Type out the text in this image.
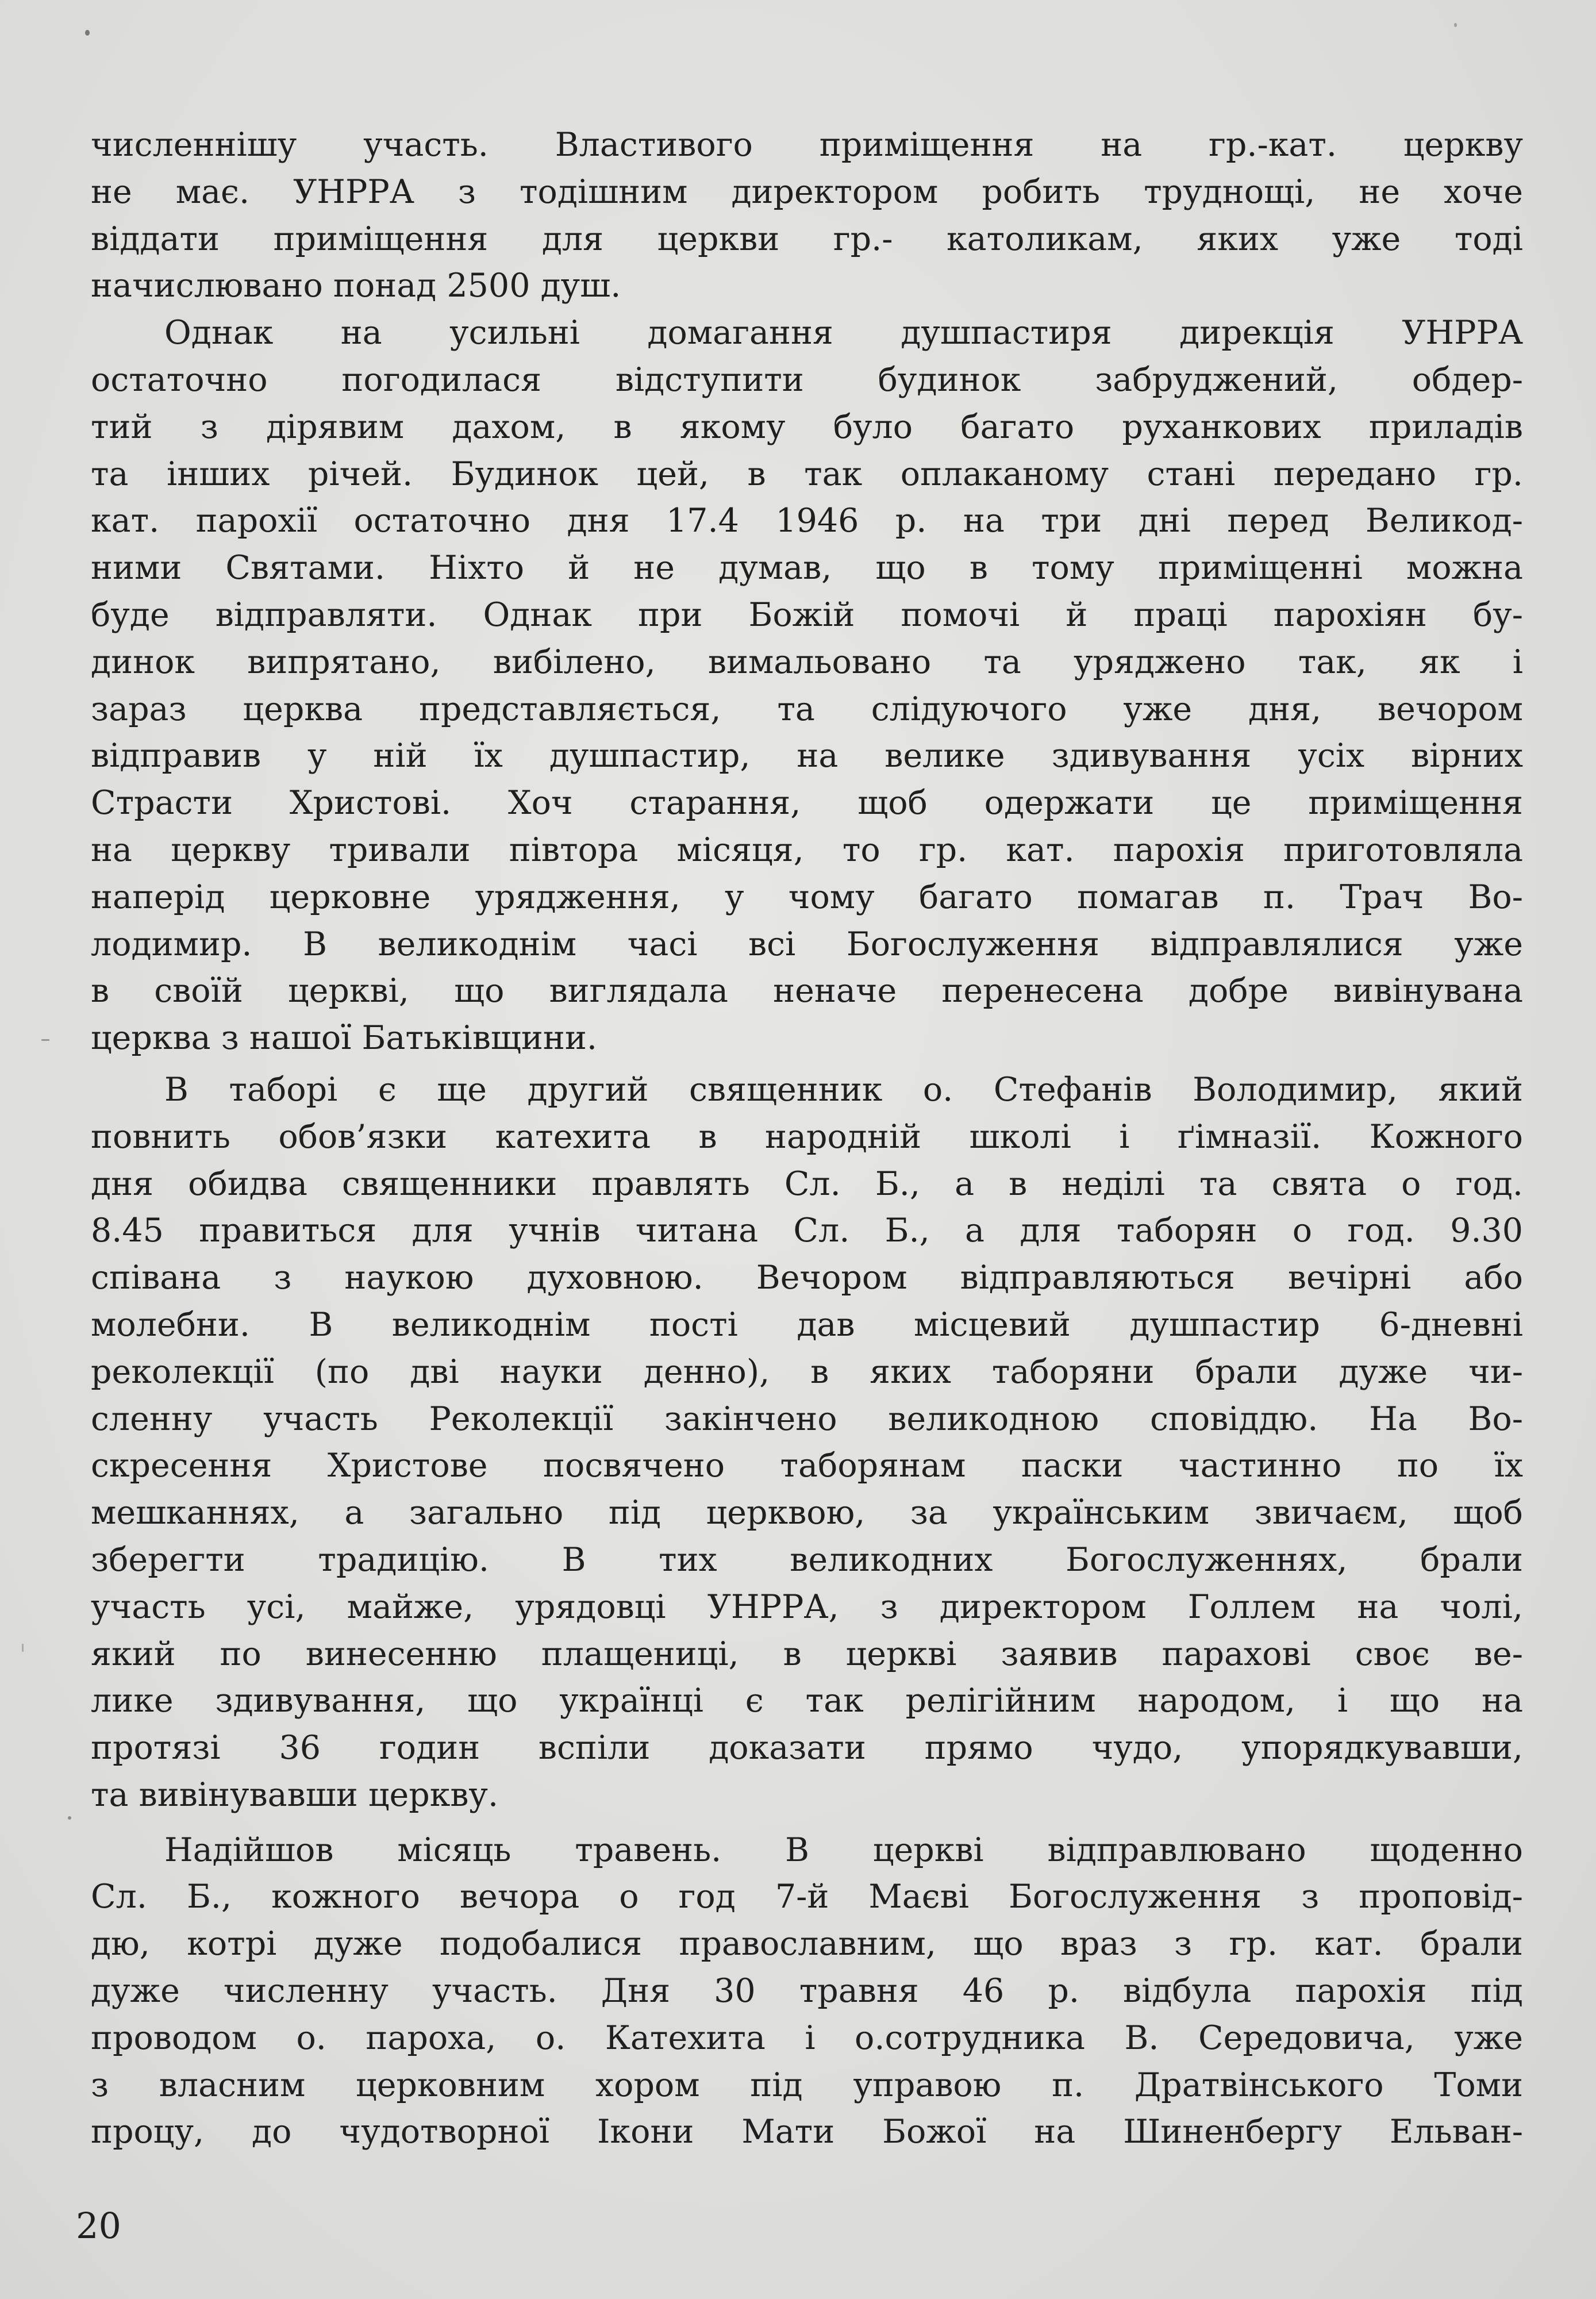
численнішу участь. Властивого приміщення на гр.-кат. церкву
не має. УНРРА з тодішним директором робить труднощі, не хоче
віддати приміщення для церкви гр.- католикам, яких уже тоді
начислювано понад 2500 душ.

Однак на усильні домагання душпастиря дирекція УНРРА
остаточно погодилася відступити будинок забруджений, обдер-
тий з дірявим дахом, в якому було багато руханкових приладів
та інших річей. Будинок цей, в так оплаканому стані передано гр.
кат. парохії остаточно дня 17.4 1946 р. на три дні перед Великод-
ними Святами. Ніхто й не думав, що в тому приміщенні можна
буде відправляти. Однак при Божій помочі й праці парохіян бу-
динок випрятано, вибілено, вимальовано та уряджено так, як і
зараз церква представляється, та слідуючого уже дня, вечором
відправив у ній їх душпастир, на велике здивування усіх вірних
Страсти Христові. Хоч старання, щоб одержати це приміщення
на церкву тривали півтора місяця, то гр. кат. парохія приготовляла
наперід церковне урядження, у чому багато помагав п. Трач Во-
лодимир. В великоднім часі всі Богослуження відправлялися уже
в своїй церкві, що виглядала неначе перенесена добре вивінувана
церква з нашої Батьківщини.

В таборі є ще другий священник о. Стефанів Володимир, який
повнить обов’язки катехита в народній школі і ґімназії. Кожного
дня обидва священники правлять Сл. Б., а в неділі та свята о год.
8.45 правиться для учнів читана Сл. Б., а для таборян о год. 9.30
співана з наукою духовною. Вечором відправляються вечірні або
молебни. В великоднім пості дав місцевий душпастир 6-дневні
реколекції (по дві науки денно), в яких таборяни брали дуже чи-
сленну участь Реколекції закінчено великодною сповіддю. На Во-
скресення Христове посвячено таборянам паски частинно по їх
мешканнях, а загально під церквою, за українським звичаєм, щоб
зберегти традицію. В тих великодних Богослуженнях, брали
участь усі, майже, урядовці УНРРА, з директором Голлем на чолі,
який по винесенню плащениці, в церкві заявив парахові своє ве-
лике здивування, що українці є так релігійним народом, і що на
протязі 36 годин вспіли доказати прямо чудо, упорядкувавши,
та вивінувавши церкву.

Надійшов місяць травень. В церкві відправлювано щоденно
Сл. Б., кожного вечора о год 7-й Маєві Богослуження з проповід-
дю, котрі дуже подобалися православним, що враз з гр. кат. брали
дуже численну участь. Дня 30 травня 46 р. відбула парохія під
проводом о. пароха, о. Катехита і о.сотрудника В. Середовича, уже
з власним церковним хором під управою п. Дратвінського Томи
процу, до чудотворної Ікони Мати Божої на Шиненбергу Ельван-

20
